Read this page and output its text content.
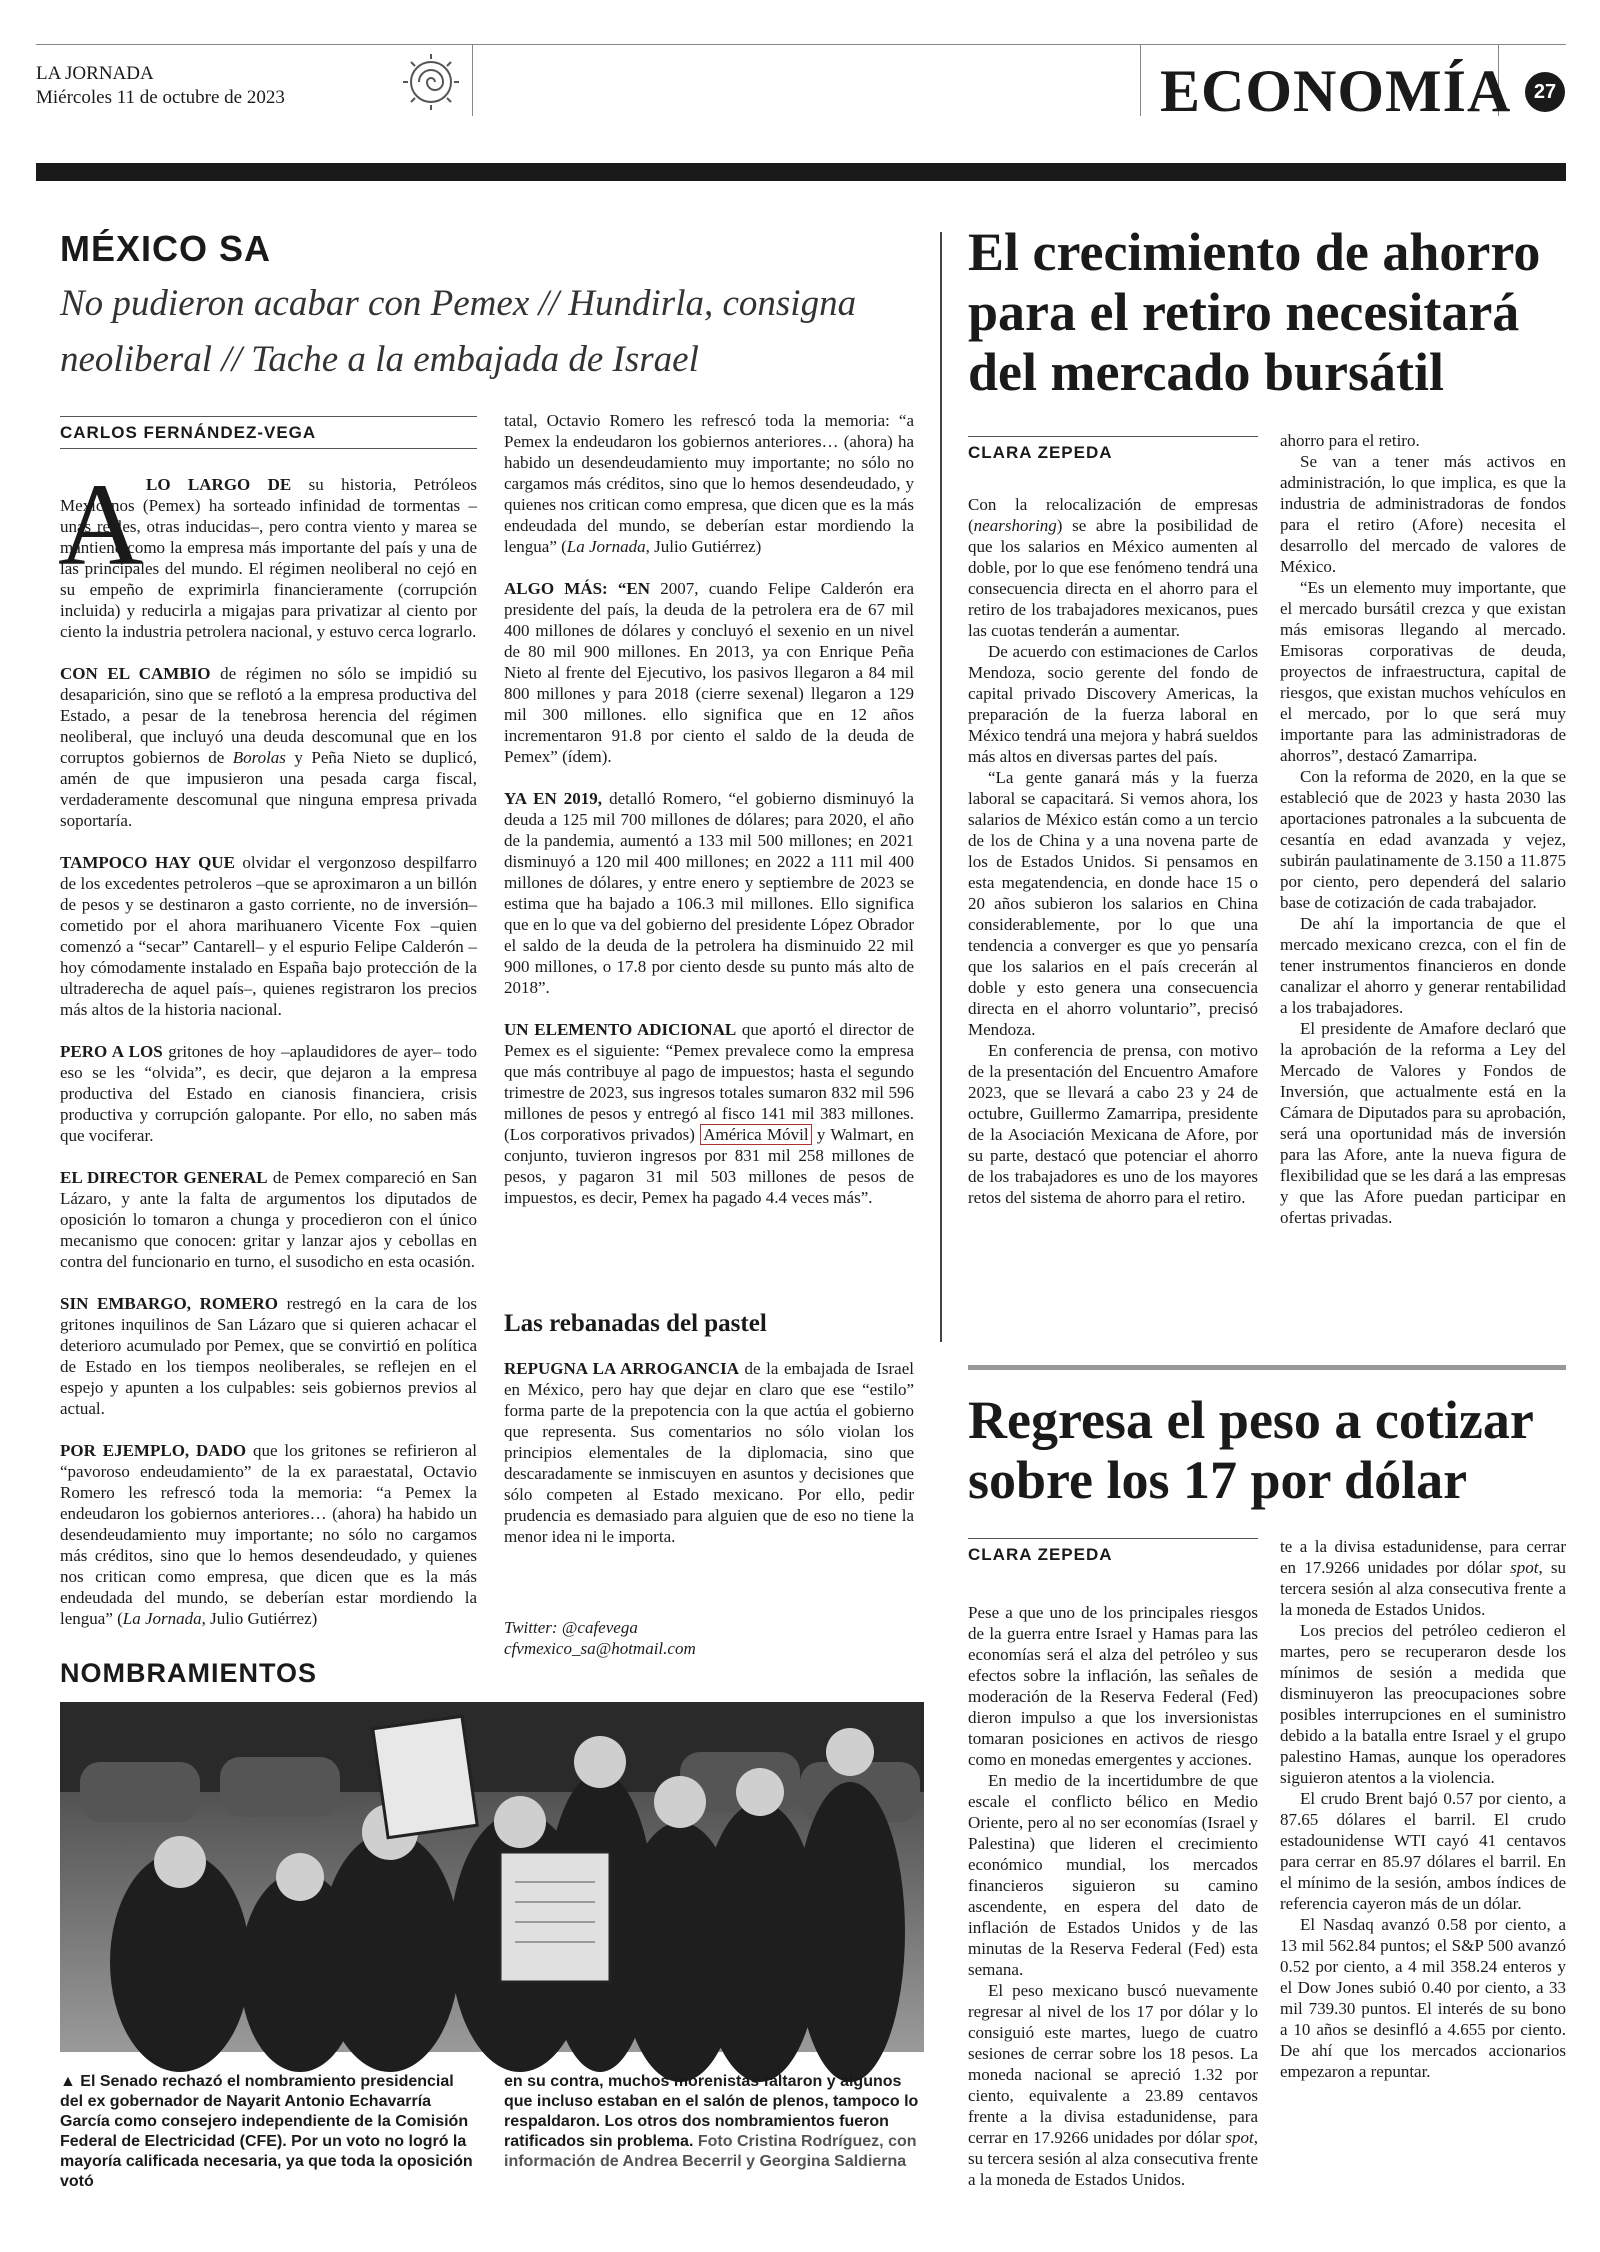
LA JORNADA
Miércoles 11 de octubre de 2023	ECONOMÍA	27
MÉXICO SA
No pudieron acabar con Pemex // Hundirla, consigna neoliberal // Tache a la embajada de Israel
CARLOS FERNÁNDEZ-VEGA
A LO LARGO DE su historia, Petróleos Mexicanos (Pemex) ha sorteado infinidad de tormentas –unas reales, otras inducidas–, pero contra viento y marea se mantiene como la empresa más importante del país y una de las principales del mundo. El régimen neoliberal no cejó en su empeño de exprimirla financieramente (corrupción incluida) y reducirla a migajas para privatizar al ciento por ciento la industria petrolera nacional, y estuvo cerca lograrlo.

CON EL CAMBIO de régimen no sólo se impidió su desaparición, sino que se reflotó a la empresa productiva del Estado, a pesar de la tenebrosa herencia del régimen neoliberal, que incluyó una deuda descomunal que en los corruptos gobiernos de Borolas y Peña Nieto se duplicó, amén de que impusieron una pesada carga fiscal, verdaderamente descomunal que ninguna empresa privada soportaría.

TAMPOCO HAY QUE olvidar el vergonzoso despilfarro de los excedentes petroleros –que se aproximaron a un billón de pesos y se destinaron a gasto corriente, no de inversión– cometido por el ahora marihuanero Vicente Fox –quien comenzó a “secar” Cantarell– y el espurio Felipe Calderón –hoy cómodamente instalado en España bajo protección de la ultraderecha de aquel país–, quienes registraron los precios más altos de la historia nacional.

PERO A LOS gritones de hoy –aplaudidores de ayer– todo eso se les “olvida”, es decir, que dejaron a la empresa productiva del Estado en cianosis financiera, crisis productiva y corrupción galopante. Por ello, no saben más que vociferar.

EL DIRECTOR GENERAL de Pemex compareció en San Lázaro, y ante la falta de argumentos los diputados de oposición lo tomaron a chunga y procedieron con el único mecanismo que conocen: gritar y lanzar ajos y cebollas en contra del funcionario en turno, el susodicho en esta ocasión.

SIN EMBARGO, ROMERO restregó en la cara de los gritones inquilinos de San Lázaro que si quieren achacar el deterioro acumulado por Pemex, que se convirtió en política de Estado en los tiempos neoliberales, se reflejen en el espejo y apunten a los culpables: seis gobiernos previos al actual.

POR EJEMPLO, DADO que los gritones se refirieron al “pavoroso endeudamiento” de la ex paraestatal, Octavio Romero les refrescó toda la memoria: “a Pemex la endeudaron los gobiernos anteriores… (ahora) ha habido un desendeudamiento muy importante; no sólo no cargamos más créditos, sino que lo hemos desendeudado, y quienes nos critican como empresa, que dicen que es la más endeudada del mundo, se deberían estar mordiendo la lengua” (La Jornada, Julio Gutiérrez)

tatal, Octavio Romero les refrescó toda la memoria: “a Pemex la endeudaron los gobiernos anteriores… (ahora) ha habido un desendeudamiento muy importante; no sólo no cargamos más créditos, sino que lo hemos desendeudado, y quienes nos critican como empresa, que dicen que es la más endeudada del mundo, se deberían estar mordiendo la lengua” (La Jornada, Julio Gutiérrez)

ALGO MÁS: “EN 2007, cuando Felipe Calderón era presidente del país, la deuda de la petrolera era de 67 mil 400 millones de dólares y concluyó el sexenio en un nivel de 80 mil 900 millones. En 2013, ya con Enrique Peña Nieto al frente del Ejecutivo, los pasivos llegaron a 84 mil 800 millones y para 2018 (cierre sexenal) llegaron a 129 mil 300 millones. ello significa que en 12 años incrementaron 91.8 por ciento el saldo de la deuda de Pemex” (ídem).

YA EN 2019, detalló Romero, “el gobierno disminuyó la deuda a 125 mil 700 millones de dólares; para 2020, el año de la pandemia, aumentó a 133 mil 500 millones; en 2021 disminuyó a 120 mil 400 millones; en 2022 a 111 mil 400 millones de dólares, y entre enero y septiembre de 2023 se estima que ha bajado a 106.3 mil millones. Ello significa que en lo que va del gobierno del presidente López Obrador el saldo de la deuda de la petrolera ha disminuido 22 mil 900 millones, o 17.8 por ciento desde su punto más alto de 2018”.

UN ELEMENTO ADICIONAL que aportó el director de Pemex es el siguiente: “Pemex prevalece como la empresa que más contribuye al pago de impuestos; hasta el segundo trimestre de 2023, sus ingresos totales sumaron 832 mil 596 millones de pesos y entregó al fisco 141 mil 383 millones. (Los corporativos privados) América Móvil y Walmart, en conjunto, tuvieron ingresos por 831 mil 258 millones de pesos, y pagaron 31 mil 503 millones de pesos de impuestos, es decir, Pemex ha pagado 4.4 veces más”.

Las rebanadas del pastel

REPUGNA LA ARROGANCIA de la embajada de Israel en México, pero hay que dejar en claro que ese “estilo” forma parte de la prepotencia con la que actúa el gobierno que representa. Sus comentarios no sólo violan los principios elementales de la diplomacia, sino que descaradamente se inmiscuyen en asuntos y decisiones que sólo competen al Estado mexicano. Por ello, pedir prudencia es demasiado para alguien que de eso no tiene la menor idea ni le importa.

Twitter: @cafevega
cfvmexico_sa@hotmail.com
NOMBRAMIENTOS
▲ El Senado rechazó el nombramiento presidencial del ex gobernador de Nayarit Antonio Echavarría García como consejero independiente de la Comisión Federal de Electricidad (CFE). Por un voto no logró la mayoría calificada necesaria, ya que toda la oposición votó
en su contra, muchos morenistas faltaron y algunos que incluso estaban en el salón de plenos, tampoco lo respaldaron. Los otros dos nombramientos fueron ratificados sin problema. Foto Cristina Rodríguez, con información de Andrea Becerril y Georgina Saldierna
El crecimiento de ahorro para el retiro necesitará del mercado bursátil
CLARA ZEPEDA

Con la relocalización de empresas (nearshoring) se abre la posibilidad de que los salarios en México aumenten al doble, por lo que ese fenómeno tendrá una consecuencia directa en el ahorro para el retiro de los trabajadores mexicanos, pues las cuotas tenderán a aumentar.

De acuerdo con estimaciones de Carlos Mendoza, socio gerente del fondo de capital privado Discovery Americas, la preparación de la fuerza laboral en México tendrá una mejora y habrá sueldos más altos en diversas partes del país.

“La gente ganará más y la fuerza laboral se capacitará. Si vemos ahora, los salarios de México están como a un tercio de los de China y a una novena parte de los de Estados Unidos. Si pensamos en esta megatendencia, en donde hace 15 o 20 años subieron los salarios en China considerablemente, por lo que una tendencia a converger es que yo pensaría que los salarios en el país crecerán al doble y esto genera una consecuencia directa en el ahorro voluntario”, precisó Mendoza.

En conferencia de prensa, con motivo de la presentación del Encuentro Amafore 2023, que se llevará a cabo 23 y 24 de octubre, Guillermo Zamarripa, presidente de la Asociación Mexicana de Afore, por su parte, destacó que potenciar el ahorro de los trabajadores es uno de los mayores retos del sistema de ahorro para el retiro.

ahorro para el retiro.

Se van a tener más activos en administración, lo que implica, es que la industria de administradoras de fondos para el retiro (Afore) necesita el desarrollo del mercado de valores de México.

“Es un elemento muy importante, que el mercado bursátil crezca y que existan más emisoras llegando al mercado. Emisoras corporativas de deuda, proyectos de infraestructura, capital de riesgos, que existan muchos vehículos en el mercado, por lo que será muy importante para las administradoras de ahorros”, destacó Zamarripa.

Con la reforma de 2020, en la que se estableció que de 2023 y hasta 2030 las aportaciones patronales a la subcuenta de cesantía en edad avanzada y vejez, subirán paulatinamente de 3.150 a 11.875 por ciento, pero dependerá del salario base de cotización de cada trabajador.

De ahí la importancia de que el mercado mexicano crezca, con el fin de tener instrumentos financieros en donde canalizar el ahorro y generar rentabilidad a los trabajadores.

El presidente de Amafore declaró que la aprobación de la reforma a Ley del Mercado de Valores y Fondos de Inversión, que actualmente está en la Cámara de Diputados para su aprobación, será una oportunidad más de inversión para las Afore, ante la nueva figura de flexibilidad que se les dará a las empresas y que las Afore puedan participar en ofertas privadas.

Regresa el peso a cotizar sobre los 17 por dólar
CLARA ZEPEDA

Pese a que uno de los principales riesgos de la guerra entre Israel y Hamas para las economías será el alza del petróleo y sus efectos sobre la inflación, las señales de moderación de la Reserva Federal (Fed) dieron impulso a que los inversionistas tomaran posiciones en activos de riesgo como en monedas emergentes y acciones.

En medio de la incertidumbre de que escale el conflicto bélico en Medio Oriente, pero al no ser economías (Israel y Palestina) que lideren el crecimiento económico mundial, los mercados financieros siguieron su camino ascendente, en espera del dato de inflación de Estados Unidos y de las minutas de la Reserva Federal (Fed) esta semana.

El peso mexicano buscó nuevamente regresar al nivel de los 17 por dólar y lo consiguió este martes, luego de cuatro sesiones de cerrar sobre los 18 pesos. La moneda nacional se apreció 1.32 por ciento, equivalente a 23.89 centavos frente a la divisa estadunidense, para cerrar en 17.9266 unidades por dólar spot, su tercera sesión al alza consecutiva frente a la moneda de Estados Unidos.

te a la divisa estadunidense, para cerrar en 17.9266 unidades por dólar spot, su tercera sesión al alza consecutiva frente a la moneda de Estados Unidos.

Los precios del petróleo cedieron el martes, pero se recuperaron desde los mínimos de sesión a medida que disminuyeron las preocupaciones sobre posibles interrupciones en el suministro debido a la batalla entre Israel y el grupo palestino Hamas, aunque los operadores siguieron atentos a la violencia.

El crudo Brent bajó 0.57 por ciento, a 87.65 dólares el barril. El crudo estadounidense WTI cayó 41 centavos para cerrar en 85.97 dólares el barril. En el mínimo de la sesión, ambos índices de referencia cayeron más de un dólar.

El Nasdaq avanzó 0.58 por ciento, a 13 mil 562.84 puntos; el S&P 500 avanzó 0.52 por ciento, a 4 mil 358.24 enteros y el Dow Jones subió 0.40 por ciento, a 33 mil 739.30 puntos. El interés de su bono a 10 años se desinfló a 4.655 por ciento. De ahí que los mercados accionarios empezaron a repuntar.
